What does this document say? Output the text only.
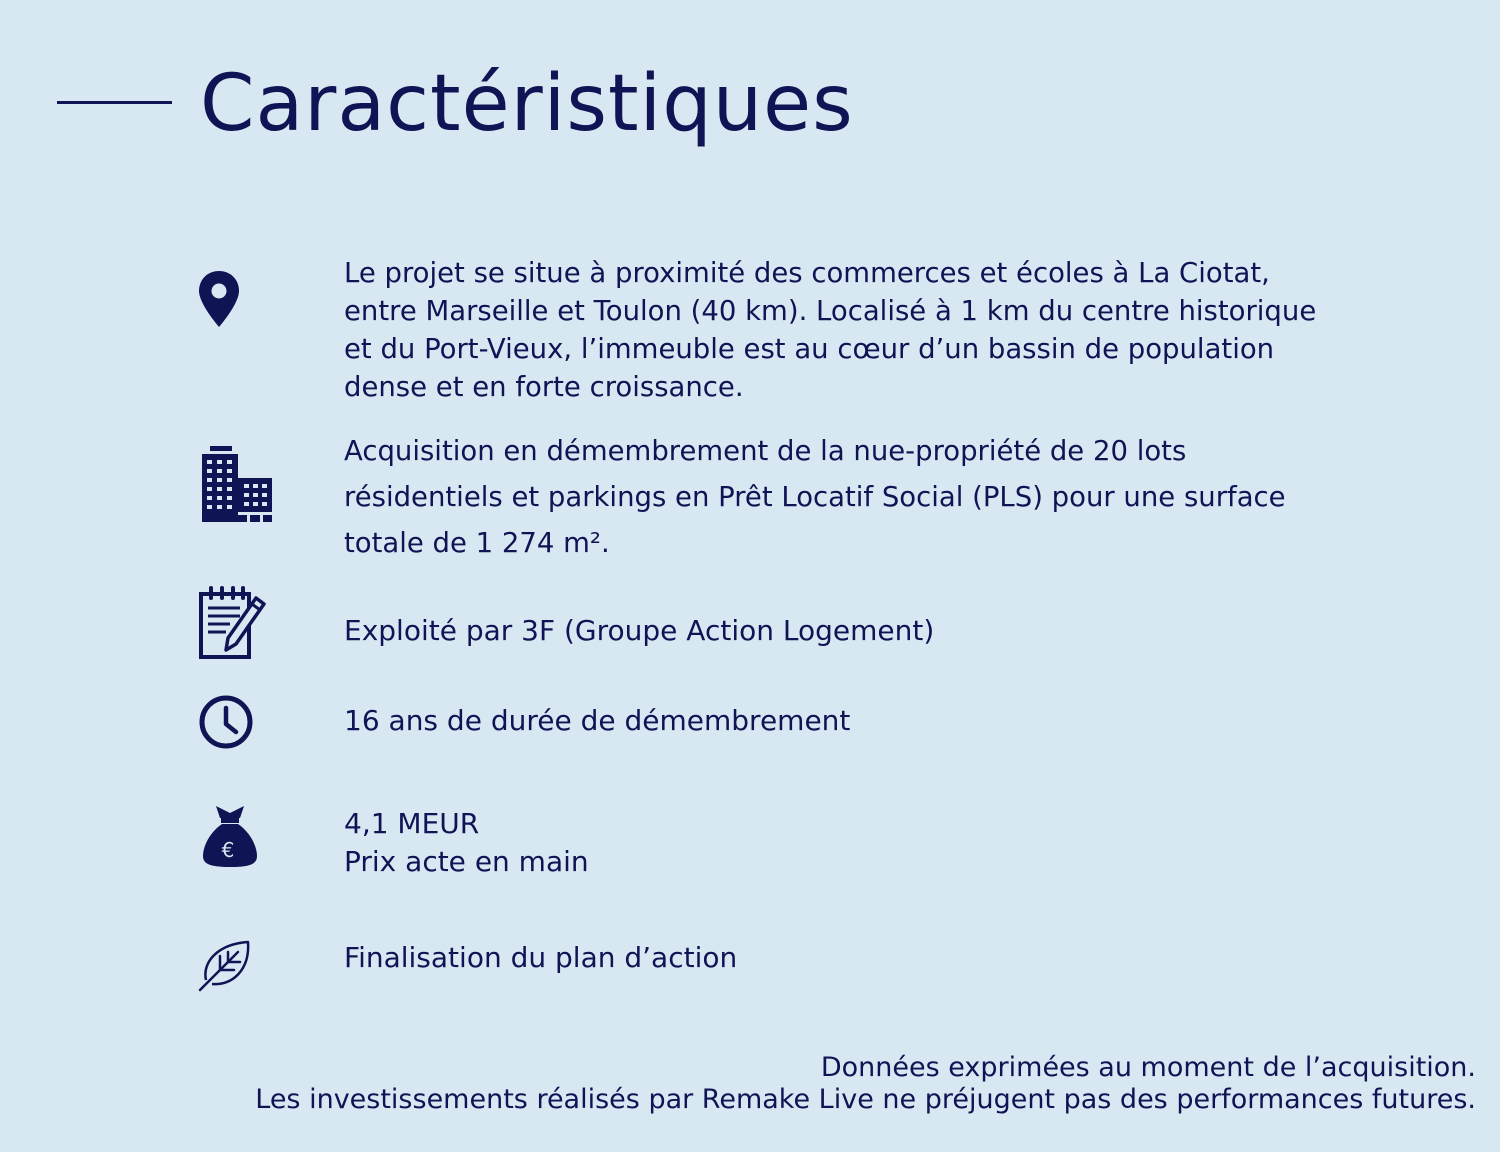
Caractéristiques
Le projet se situe à proximité des commerces et écoles à La Ciotat,
entre Marseille et Toulon (40 km). Localisé à 1 km du centre historique
et du Port-Vieux, l’immeuble est au cœur d’un bassin de population
dense et en forte croissance.
Acquisition en démembrement de la nue-propriété de 20 lots
résidentiels et parkings en Prêt Locatif Social (PLS) pour une surface
totale de 1 274 m².
Exploité par 3F (Groupe Action Logement)
16 ans de durée de démembrement
€
4,1 MEUR
Prix acte en main
Finalisation du plan d’action
Données exprimées au moment de l’acquisition.
Les investissements réalisés par Remake Live ne préjugent pas des performances futures.
